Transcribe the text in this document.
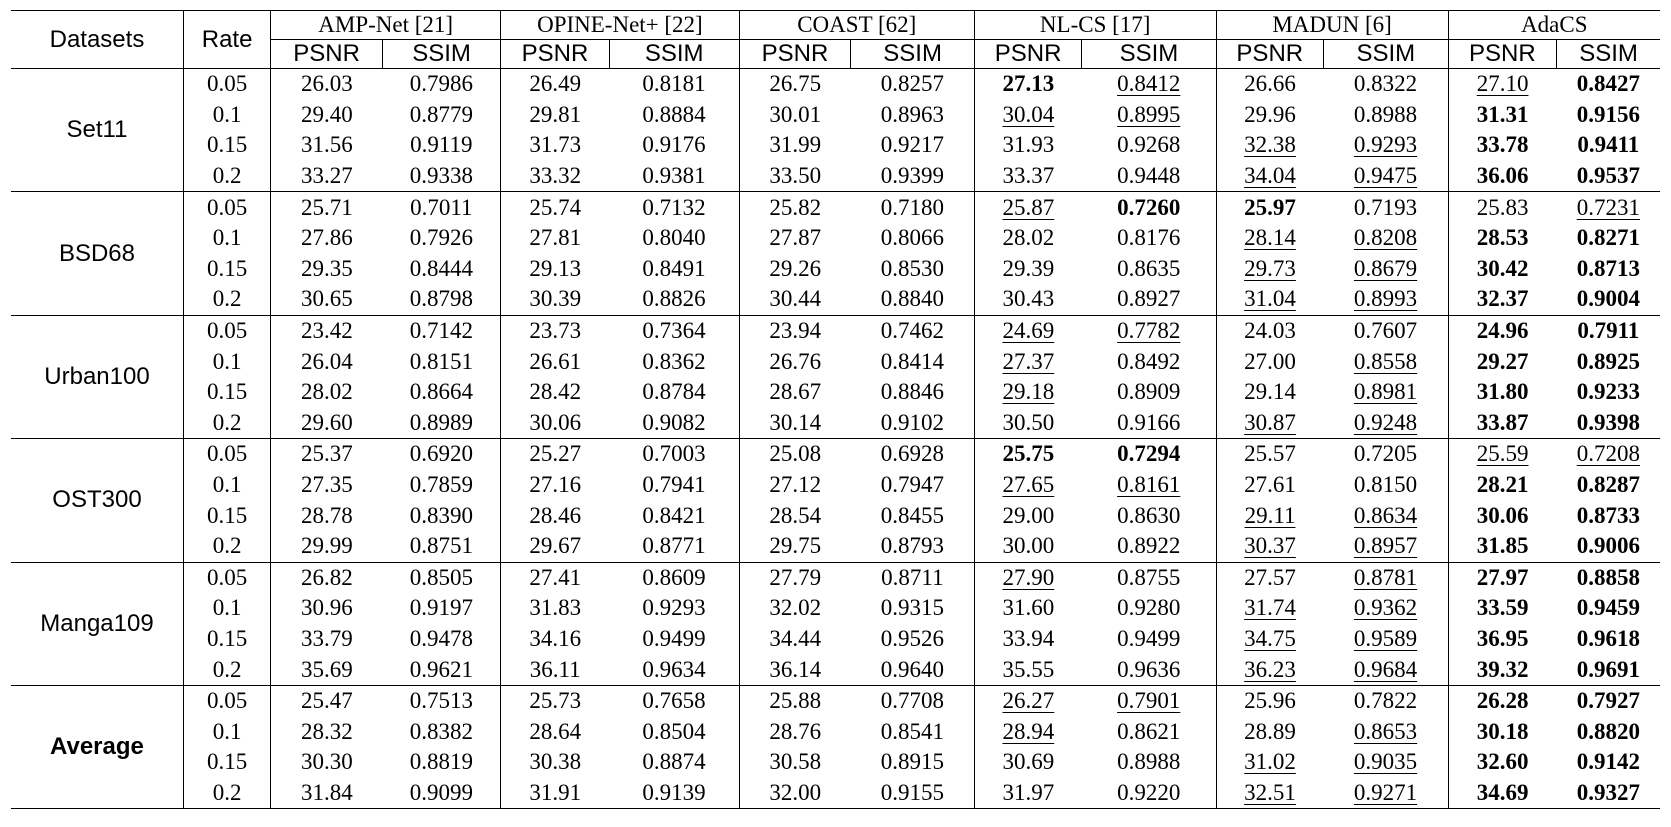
Datasets	Rate	AMP-Net [21]		OPINE-Net+ [22]		COAST [62]		NL-CS [17]		MADUN [6]		AdaCS	
		PSNR	SSIM	PSNR	SSIM	PSNR	SSIM	PSNR	SSIM	PSNR	SSIM	PSNR	SSIM
Set11	0.05	26.03	0.7986	26.49	0.8181	26.75	0.8257	27.13	0.8412	26.66	0.8322	27.10	0.8427
	0.1	29.40	0.8779	29.81	0.8884	30.01	0.8963	30.04	0.8995	29.96	0.8988	31.31	0.9156
	0.15	31.56	0.9119	31.73	0.9176	31.99	0.9217	31.93	0.9268	32.38	0.9293	33.78	0.9411
	0.2	33.27	0.9338	33.32	0.9381	33.50	0.9399	33.37	0.9448	34.04	0.9475	36.06	0.9537
BSD68	0.05	25.71	0.7011	25.74	0.7132	25.82	0.7180	25.87	0.7260	25.97	0.7193	25.83	0.7231
	0.1	27.86	0.7926	27.81	0.8040	27.87	0.8066	28.02	0.8176	28.14	0.8208	28.53	0.8271
	0.15	29.35	0.8444	29.13	0.8491	29.26	0.8530	29.39	0.8635	29.73	0.8679	30.42	0.8713
	0.2	30.65	0.8798	30.39	0.8826	30.44	0.8840	30.43	0.8927	31.04	0.8993	32.37	0.9004
Urban100	0.05	23.42	0.7142	23.73	0.7364	23.94	0.7462	24.69	0.7782	24.03	0.7607	24.96	0.7911
	0.1	26.04	0.8151	26.61	0.8362	26.76	0.8414	27.37	0.8492	27.00	0.8558	29.27	0.8925
	0.15	28.02	0.8664	28.42	0.8784	28.67	0.8846	29.18	0.8909	29.14	0.8981	31.80	0.9233
	0.2	29.60	0.8989	30.06	0.9082	30.14	0.9102	30.50	0.9166	30.87	0.9248	33.87	0.9398
OST300	0.05	25.37	0.6920	25.27	0.7003	25.08	0.6928	25.75	0.7294	25.57	0.7205	25.59	0.7208
	0.1	27.35	0.7859	27.16	0.7941	27.12	0.7947	27.65	0.8161	27.61	0.8150	28.21	0.8287
	0.15	28.78	0.8390	28.46	0.8421	28.54	0.8455	29.00	0.8630	29.11	0.8634	30.06	0.8733
	0.2	29.99	0.8751	29.67	0.8771	29.75	0.8793	30.00	0.8922	30.37	0.8957	31.85	0.9006
Manga109	0.05	26.82	0.8505	27.41	0.8609	27.79	0.8711	27.90	0.8755	27.57	0.8781	27.97	0.8858
	0.1	30.96	0.9197	31.83	0.9293	32.02	0.9315	31.60	0.9280	31.74	0.9362	33.59	0.9459
	0.15	33.79	0.9478	34.16	0.9499	34.44	0.9526	33.94	0.9499	34.75	0.9589	36.95	0.9618
	0.2	35.69	0.9621	36.11	0.9634	36.14	0.9640	35.55	0.9636	36.23	0.9684	39.32	0.9691
Average	0.05	25.47	0.7513	25.73	0.7658	25.88	0.7708	26.27	0.7901	25.96	0.7822	26.28	0.7927
	0.1	28.32	0.8382	28.64	0.8504	28.76	0.8541	28.94	0.8621	28.89	0.8653	30.18	0.8820
	0.15	30.30	0.8819	30.38	0.8874	30.58	0.8915	30.69	0.8988	31.02	0.9035	32.60	0.9142
	0.2	31.84	0.9099	31.91	0.9139	32.00	0.9155	31.97	0.9220	32.51	0.9271	34.69	0.9327
